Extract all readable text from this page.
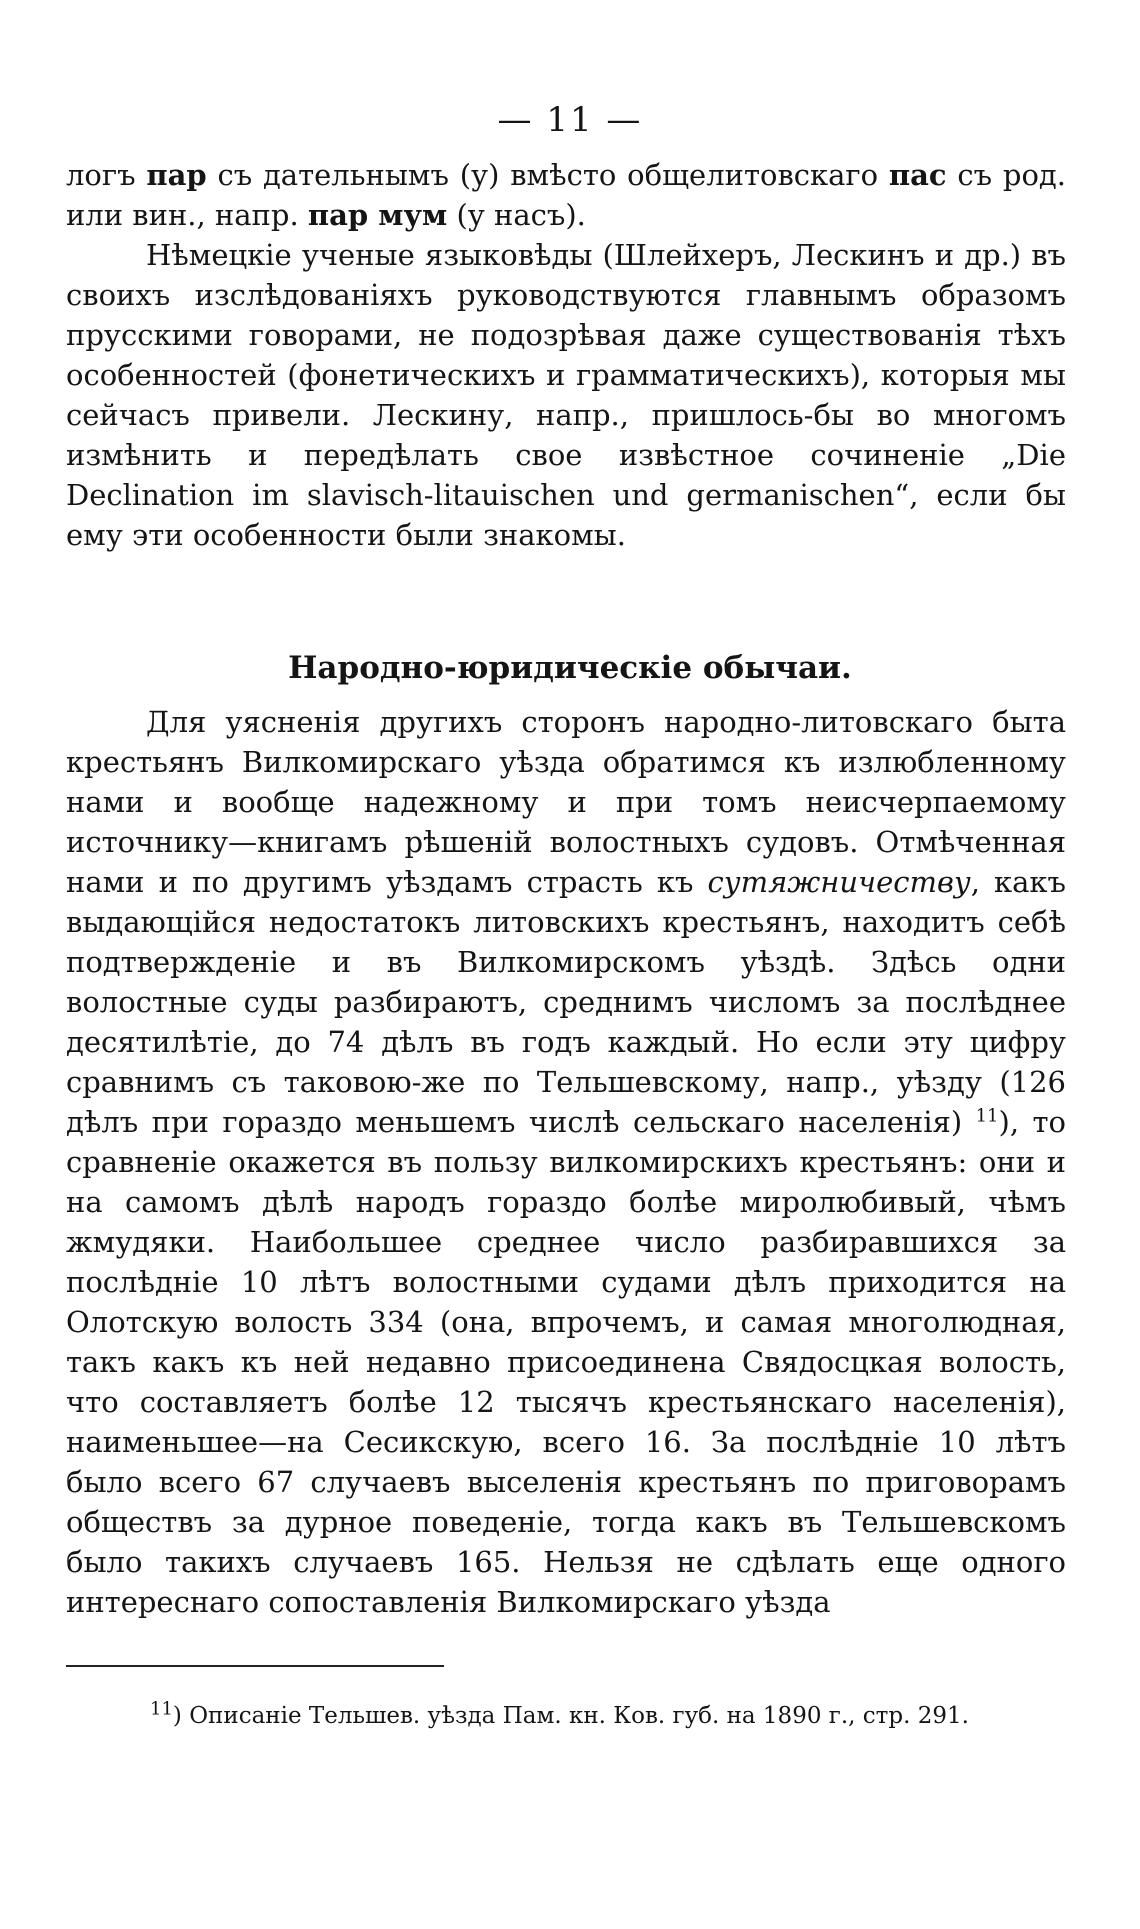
— 11 —

логъ пар съ дательнымъ (у) вмѣсто общелитовскаго пас съ род. или вин., напр. пар мум (у насъ).

Нѣмецкіе ученые языковѣды (Шлейхеръ, Лескинъ и др.) въ своихъ изслѣдованіяхъ руководствуются главнымъ образомъ прусскими говорами, не подозрѣвая даже существованія тѣхъ особенностей (фонетическихъ и грамматическихъ), которыя мы сейчасъ привели. Лескину, напр., пришлось-бы во многомъ измѣнить и передѣлать свое извѣстное сочиненіе „Die Declination im slavisch-litauischen und germanischen“, если бы ему эти особенности были знакомы.

Народно-юридическіе обычаи.

Для уясненія другихъ сторонъ народно-литовскаго быта крестьянъ Вилкомирскаго уѣзда обратимся къ излюбленному нами и вообще надежному и при томъ неисчерпаемому источнику—книгамъ рѣшеній волостныхъ судовъ. Отмѣченная нами и по другимъ уѣздамъ страсть къ сутяжничеству, какъ выдающійся недостатокъ литовскихъ крестьянъ, находитъ себѣ подтвержденіе и въ Вилкомирскомъ уѣздѣ. Здѣсь одни волостные суды разбираютъ, среднимъ числомъ за послѣднее десятилѣтіе, до 74 дѣлъ въ годъ каждый. Но если эту цифру сравнимъ съ таковою-же по Тельшевскому, напр., уѣзду (126 дѣлъ при гораздо меньшемъ числѣ сельскаго населенія) $^{11}$), то сравненіе окажется въ пользу вилкомирскихъ крестьянъ: они и на самомъ дѣлѣ народъ гораздо болѣе миролюбивый, чѣмъ жмудяки. Наибольшее среднее число разбиравшихся за послѣдніе 10 лѣтъ волостными судами дѣлъ приходится на Олотскую волость 334 (она, впрочемъ, и самая многолюдная, такъ какъ къ ней недавно присоединена Свядосцкая волость, что составляетъ болѣе 12 тысячъ крестьянскаго населенія), наименьшее—на Сесикскую, всего 16. За послѣдніе 10 лѣтъ было всего 67 случаевъ выселенія крестьянъ по приговорамъ обществъ за дурное поведеніе, тогда какъ въ Тельшевскомъ было такихъ случаевъ 165. Нельзя не сдѣлать еще одного интереснаго сопоставленія Вилкомирскаго уѣзда

$^{11}$) Описаніе Тельшев. уѣзда Пам. кн. Ков. губ. на 1890 г., стр. 291.
